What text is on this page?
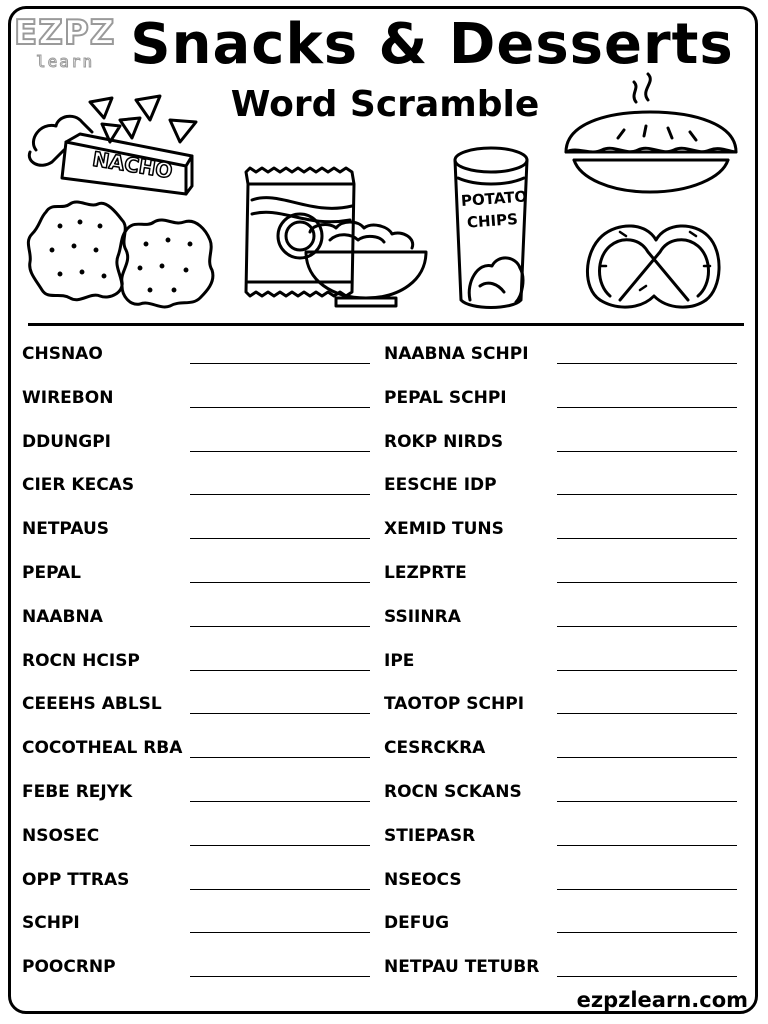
EZPZ
learn Snacks & Desserts
Word Scramble
NACHO
POTATO
CHIPS
CHSNAO
WIREBON
DDUNGPI
CIER KECAS
NETPAUS
PEPAL
NAABNA
ROCN HCISP
CEEEHS ABLSL
COCOTHEAL RBA
FEBE REJYK
NSOSEC
OPP TTRAS
SCHPI
POOCRNP
NAABNA SCHPI
PEPAL SCHPI
ROKP NIRDS
EESCHE IDP
XEMID TUNS
LEZPRTE
SSIINRA
IPE
TAOTOP SCHPI
CESRCKRA
ROCN SCKANS
STIEPASR
NSEOCS
DEFUG
NETPAU TETUBR
ezpzlearn.com
